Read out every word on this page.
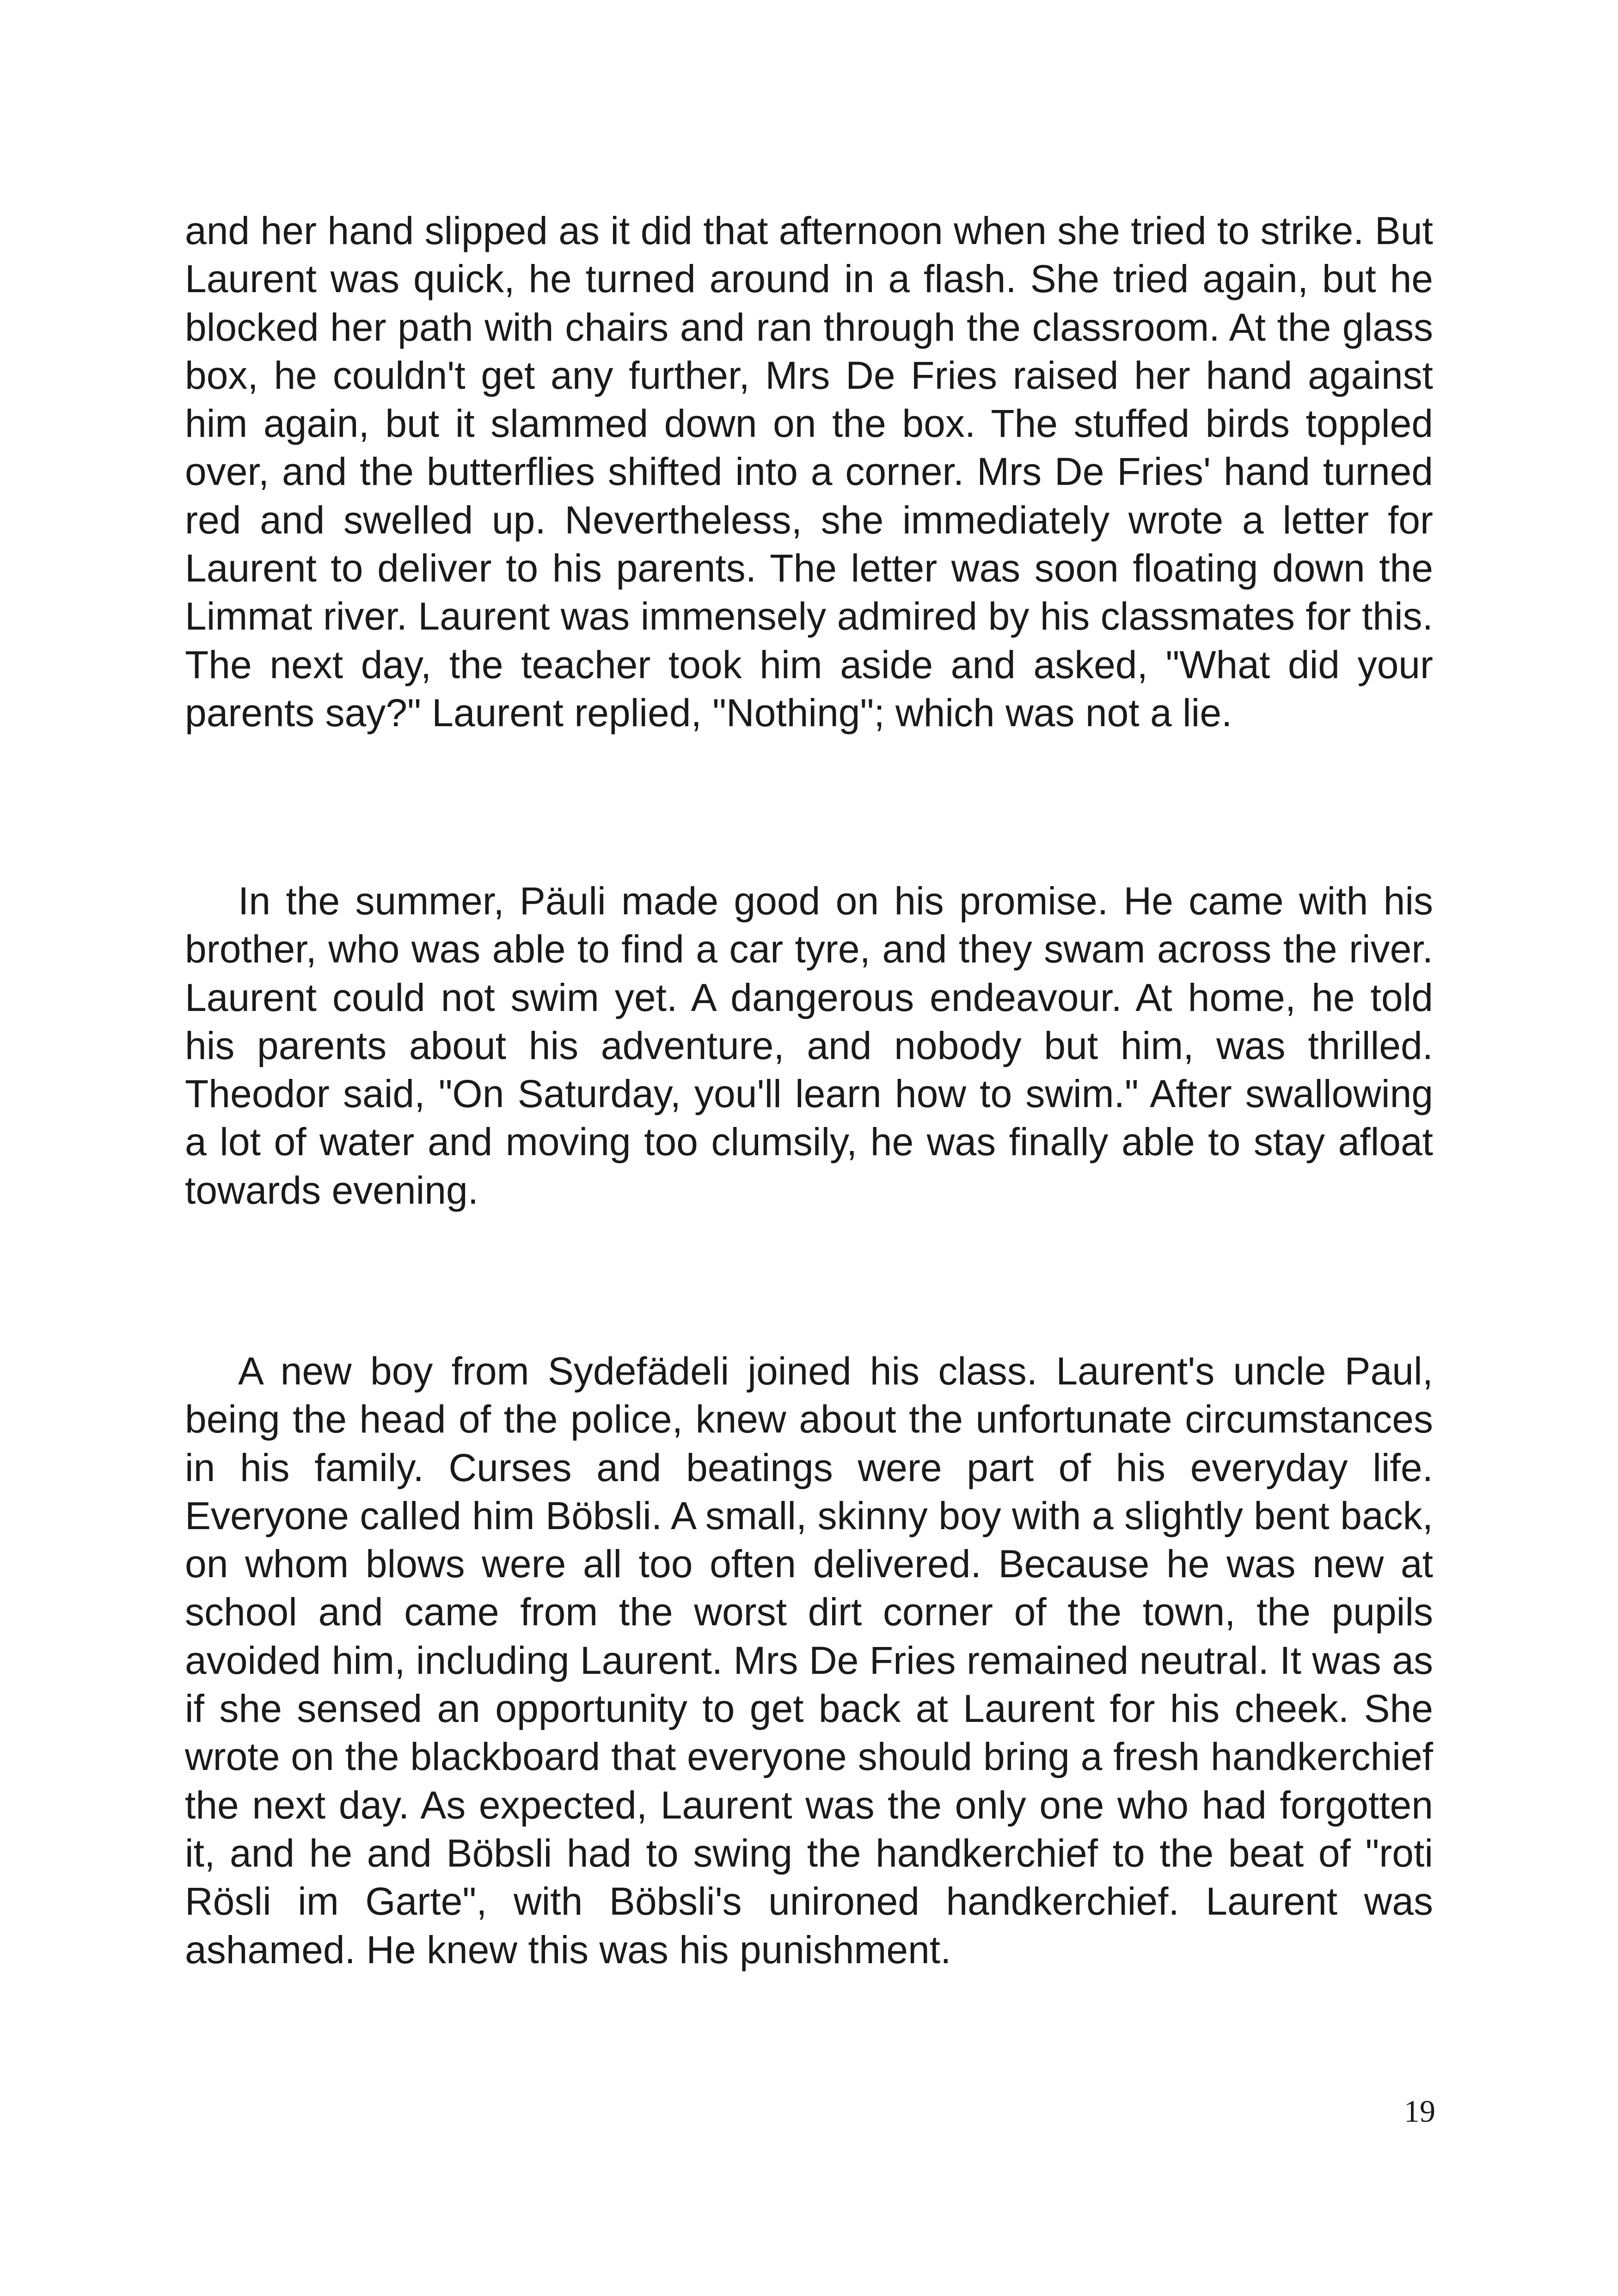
and her hand slipped as it did that afternoon when she tried to strike. But Laurent was quick, he turned around in a flash. She tried again, but he blocked her path with chairs and ran through the classroom. At the glass box, he couldn't get any further, Mrs De Fries raised her hand against him again, but it slammed down on the box. The stuffed birds toppled over, and the butterflies shifted into a corner. Mrs De Fries' hand turned red and swelled up. Nevertheless, she immediately wrote a letter for Laurent to deliver to his parents. The letter was soon floating down the Limmat river. Laurent was immensely admired by his classmates for this. The next day, the teacher took him aside and asked, "What did your parents say?" Laurent replied, "Nothing"; which was not a lie.

In the summer, Päuli made good on his promise. He came with his brother, who was able to find a car tyre, and they swam across the river. Laurent could not swim yet. A dangerous endeavour. At home, he told his parents about his adventure, and nobody but him, was thrilled. Theodor said, "On Saturday, you'll learn how to swim." After swallowing a lot of water and moving too clumsily, he was finally able to stay afloat towards evening.

A new boy from Sydefädeli joined his class. Laurent's uncle Paul, being the head of the police, knew about the unfortunate circumstances in his family. Curses and beatings were part of his everyday life. Everyone called him Böbsli. A small, skinny boy with a slightly bent back, on whom blows were all too often delivered. Because he was new at school and came from the worst dirt corner of the town, the pupils avoided him, including Laurent. Mrs De Fries remained neutral. It was as if she sensed an opportunity to get back at Laurent for his cheek. She wrote on the blackboard that everyone should bring a fresh handkerchief the next day. As expected, Laurent was the only one who had forgotten it, and he and Böbsli had to swing the handkerchief to the beat of "roti Rösli im Garte", with Böbsli's unironed handkerchief. Laurent was ashamed. He knew this was his punishment.

19
